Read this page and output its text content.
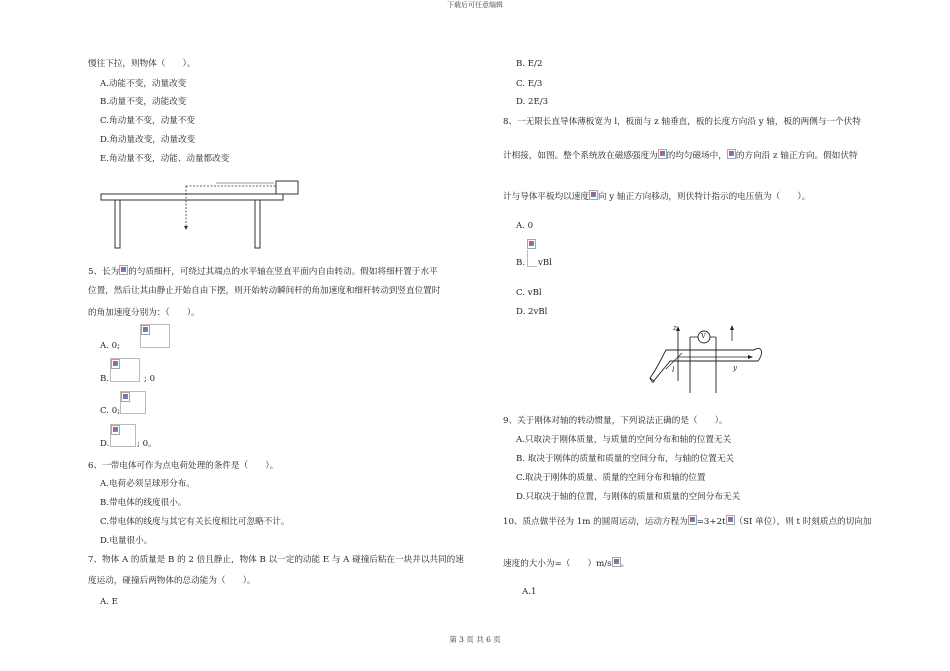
下载后可任意编辑
第 3 页 共 6 页
慢往下拉，则物体（　　）。
A.动能不变，动量改变
B.动量不变，动能改变
C.角动量不变，动量不变
D.角动量改变，动量改变
E.角动量不变，动能、动量都改变
5、长为 的匀质细杆，可绕过其端点的水平轴在竖直平面内自由转动。假如将细杆置于水平
位置，然后让其由静止开始自由下摆，则开始转动瞬间杆的角加速度和细杆转动到竖直位置时
的角加速度分别为：（　　）。
A. 0;
B.	; 0
C. 0;
D.	; 0。
6、一带电体可作为点电荷处理的条件是（　　）。
A.电荷必须呈球形分布。
B.带电体的线度很小。
C.带电体的线度与其它有关长度相比可忽略不计。
D.电量很小。
7、物体 A 的质量是 B 的 2 倍且静止，物体 B 以一定的动能 E 与 A 碰撞后粘在一块并以共同的速
度运动，碰撞后两物体的总动能为（　　）。
A. E
B. E/2
C. E/3
D. 2E/3
8、一无限长直导体薄板宽为 l，板面与 z 轴垂直，板的长度方向沿 y 轴，板的两侧与一个伏特
计相接，如图。整个系统放在磁感强度为 的均匀磁场中， 的方向沿 z 轴正方向。假如伏特
计与导体平板均以速度 向 y 轴正方向移动，则伏特计指示的电压值为（　　）。
A. 0
B. vBl
C. vBl
D. 2vBl
z
V
y
l
9、关于刚体对轴的转动惯量，下列说法正确的是（　　）。
A.只取决于刚体质量，与质量的空间分布和轴的位置无关
B. 取决于刚体的质量和质量的空间分布，与轴的位置无关
C.取决于刚体的质量、质量的空间分布和轴的位置
D.只取决于轴的位置，与刚体的质量和质量的空间分布无关
10、质点做半径为 1m 的圆周运动，运动方程为 =3+2t （SI 单位），则 t 时刻质点的切向加
速度的大小为=（　　）m/s 。
A.1
